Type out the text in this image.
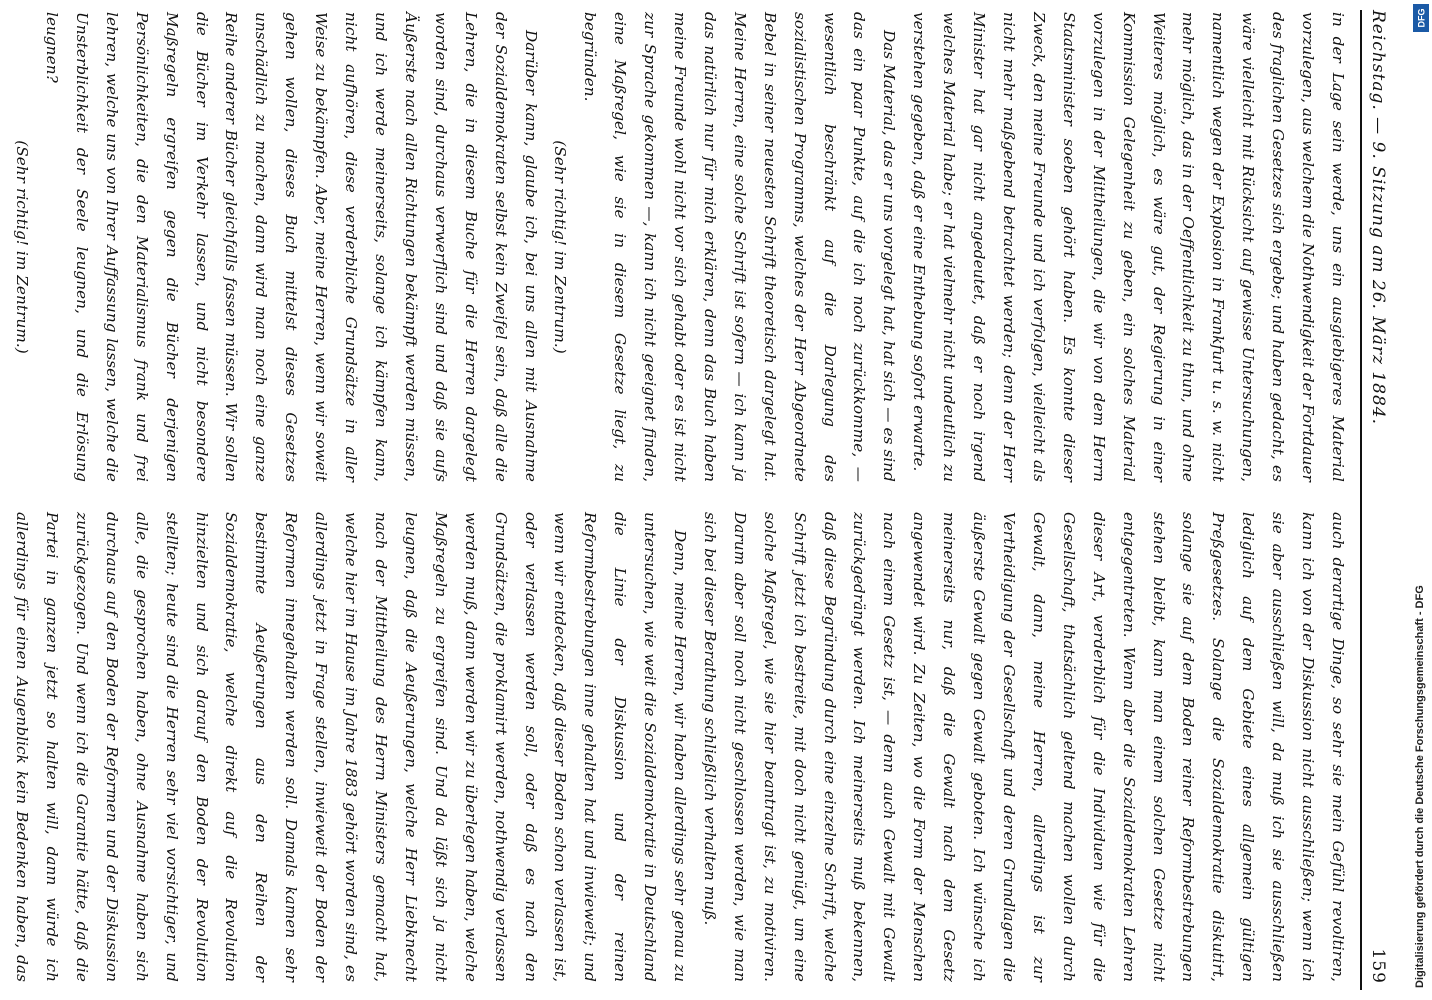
Reichstag. — 9. Sitzung am 26. März 1884.
159

in der Lage sein werde, uns ein ausgiebigeres Material vorzulegen, aus welchem die Nothwendigkeit der Fortdauer des fraglichen Gesetzes sich ergebe; und haben gedacht, es wäre vielleicht mit Rücksicht auf gewisse Untersuchungen, namentlich wegen der Explosion in Frankfurt u. s. w. nicht mehr möglich, das in der Oeffentlichkeit zu thun, und ohne Weiteres möglich, es wäre gut, der Regierung in einer Kommission Gelegenheit zu geben, ein solches Material vorzulegen in der Mittheilungen, die wir von dem Herrn Staatsminister soeben gehört haben. Es konnte dieser Zweck, den meine Freunde und ich verfolgen, vielleicht als nicht mehr maßgebend betrachtet werden; denn der Herr Minister hat gar nicht angedeutet, daß er noch irgend welches Material habe; er hat vielmehr nicht undeutlich zu verstehen gegeben, daß er eine Enthebung sofort erwarte.

Das Material, das er uns vorgelegt hat, hat sich — es sind das ein paar Punkte, auf die ich noch zurückkomme, — wesentlich beschränkt auf die Darlegung des sozialistischen Programms, welches der Herr Abgeordnete Bebel in seiner neuesten Schrift theoretisch dargelegt hat. Meine Herren, eine solche Schrift ist sofern — ich kann ja das natürlich nur für mich erklären, denn das Buch haben meine Freunde wohl nicht vor sich gehabt oder es ist nicht zur Sprache gekommen —, kann ich nicht geeignet finden, eine Maßregel, wie sie in diesem Gesetze liegt, zu begründen.

(Sehr richtig! im Zentrum.)

Darüber kann, glaube ich, bei uns allen mit Ausnahme der Sozialdemokraten selbst kein Zweifel sein, daß alle die Lehren, die in diesem Buche für die Herren dargelegt worden sind, durchaus verwerflich sind und daß sie aufs Äußerste nach allen Richtungen bekämpft werden müssen, und ich werde meinerseits, solange ich kämpfen kann, nicht aufhören, diese verderbliche Grundsätze in aller Weise zu bekämpfen. Aber, meine Herren, wenn wir soweit gehen wollen, dieses Buch mittelst dieses Gesetzes unschädlich zu machen, dann wird man noch eine ganze Reihe anderer Bücher gleichfalls fassen müssen. Wir sollen die Bücher im Verkehr lassen, und nicht besondere Maßregeln ergreifen gegen die Bücher derjenigen Persönlichkeiten, die den Materialismus frank und frei lehren, welche uns von Ihrer Auffassung lassen, welche die Unsterblichkeit der Seele leugnen, und die Erlösung leugnen?

(Sehr richtig! im Zentrum.)

auch derartige Dinge, so sehr sie mein Gefühl revoltiren, kann ich von der Diskussion nicht ausschließen; wenn ich sie aber ausschließen will, da muß ich sie ausschließen lediglich auf dem Gebiete eines allgemein gültigen Preßgesetzes. Solange die Sozialdemokratie diskutirt, solange sie auf dem Boden reiner Reformbestrebungen stehen bleibt, kann man einem solchen Gesetze nicht entgegentreten. Wenn aber die Sozialdemokraten Lehren dieser Art, verderblich für die Individuen wie für die Gesellschaft, thatsächlich geltend machen wollen durch Gewalt, dann, meine Herren, allerdings ist zur Vertheidigung der Gesellschaft und deren Grundlagen die äußerste Gewalt gegen Gewalt geboten. Ich wünsche ich meinerseits nur, daß die Gewalt nach dem Gesetz angewendet wird. Zu Zeiten, wo die Form der Menschen nach einem Gesetz ist, — denn auch Gewalt mit Gewalt zurückgedrängt werden. Ich meinerseits muß bekennen, daß diese Begründung durch eine einzelne Schrift, welche Schrift jetzt ich bestreite, mit doch nicht genügt, um eine solche Maßregel, wie sie hier beantragt ist, zu motiviren. Darum aber soll noch nicht geschlossen werden, wie man sich bei dieser Berathung schließlich verhalten muß.

Denn, meine Herren, wir haben allerdings sehr genau zu untersuchen, wie weit die Sozialdemokratie in Deutschland die Linie der Diskussion und der reinen Reformbestrebungen inne gehalten hat und inwieweit; und wenn wir entdecken, daß dieser Boden schon verlassen ist, oder verlassen werden soll, oder daß es nach den Grundsätzen, die proklamirt werden, nothwendig verlassen werden muß, dann werden wir zu überlegen haben, welche Maßregeln zu ergreifen sind. Und da läßt sich ja nicht leugnen, daß die Aeußerungen, welche Herr Liebknecht nach der Mittheilung des Herrn Ministers gemacht hat, welche hier im Hause im Jahre 1883 gehört worden sind, es allerdings jetzt in Frage stellen, inwieweit der Boden der Reformen innegehalten werden soll. Damals kamen sehr bestimmte Aeußerungen aus den Reihen der Sozialdemokratie, welche direkt auf die Revolution hinzielten und sich darauf den Boden der Revolution stellten; heute sind die Herren sehr viel vorsichtiger, und alle, die gesprochen haben, ohne Ausnahme haben sich durchaus auf den Boden der Reformen und der Diskussion zurückgezogen. Und wenn ich die Garantie hätte, daß die Partei in ganzen jetzt so halten will, dann würde ich allerdings für einen Augenblick kein Bedenken haben, das	Digitalisierung gefördert durch die Deutsche Forschungsgemeinschaft - DFG
DFG
